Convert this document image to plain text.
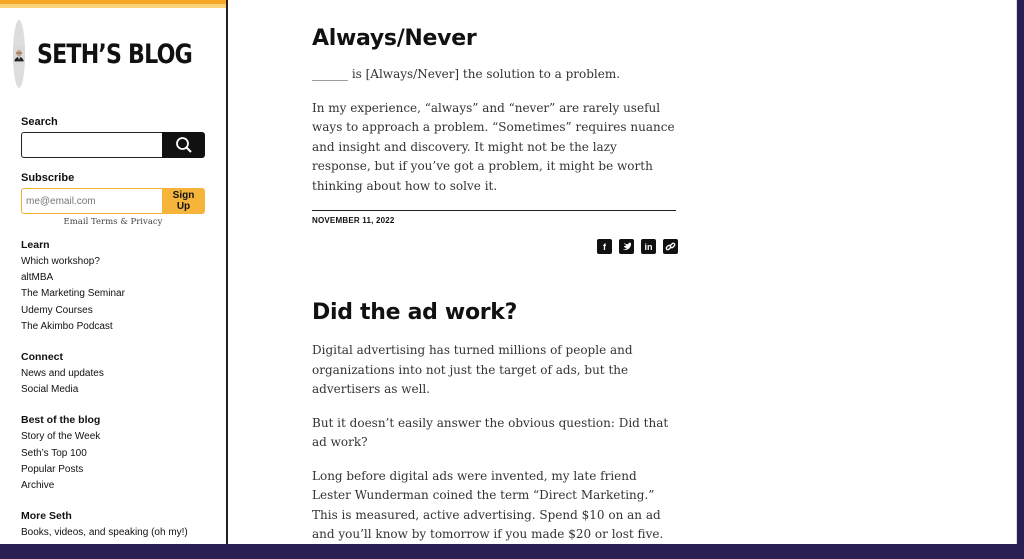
SETH’S BLOG
Search
Subscribe
me@email.com
Sign Up
Email Terms & Privacy
Learn
Which workshop?
altMBA
The Marketing Seminar
Udemy Courses
The Akimbo Podcast
Connect
News and updates
Social Media
Best of the blog
Story of the Week
Seth’s Top 100
Popular Posts
Archive
More Seth
Books, videos, and speaking (oh my!)
Always/Never

______ is [Always/Never] the solution to a problem.

In my experience, “always” and “never” are rarely useful ways to approach a problem. “Sometimes” requires nuance and insight and discovery. It might not be the lazy response, but if you’ve got a problem, it might be worth thinking about how to solve it.

NOVEMBER 11, 2022
f	in
Did the ad work?

Digital advertising has turned millions of people and organizations into not just the target of ads, but the advertisers as well.

But it doesn’t easily answer the obvious question: Did that ad work?

Long before digital ads were invented, my late friend Lester Wunderman coined the term “Direct Marketing.” This is measured, active advertising. Spend $10 on an ad and you’ll know by tomorrow if you made $20 or lost five.
